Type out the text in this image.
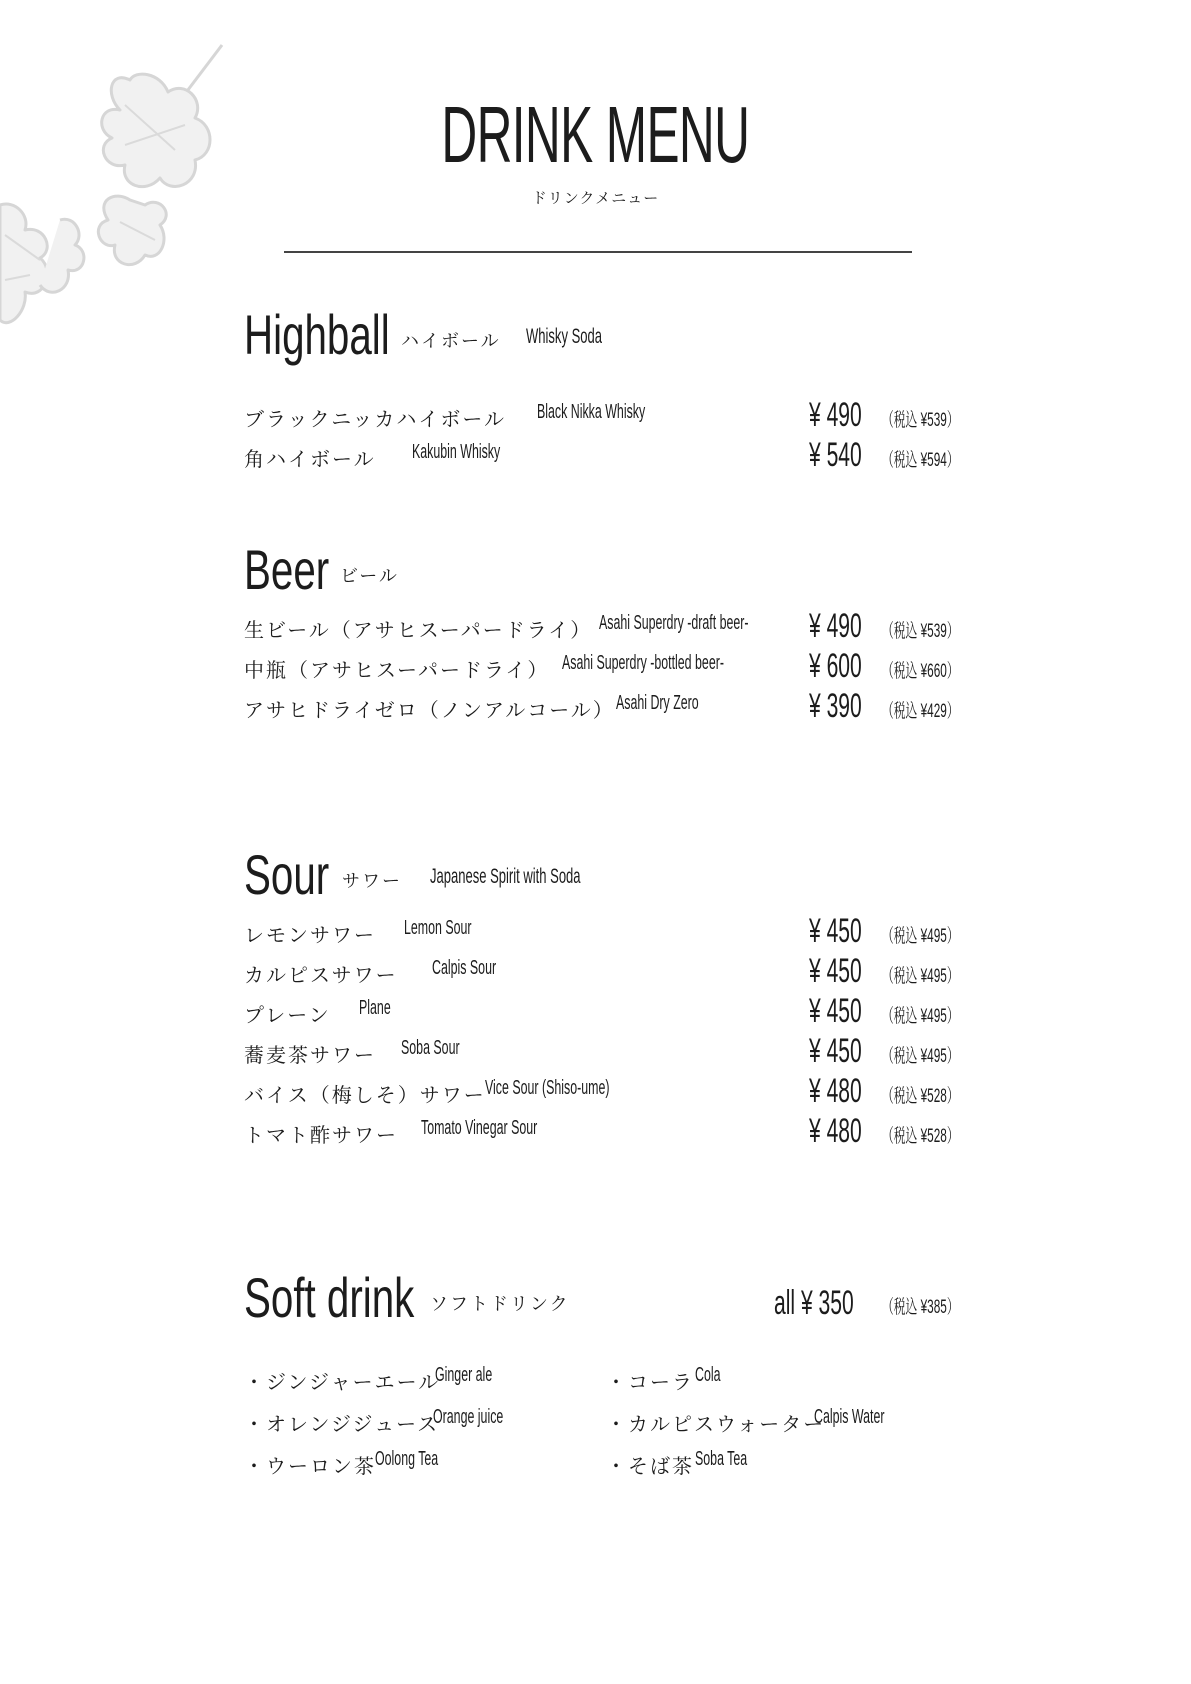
DRINK MENU
ドリンクメニュー
Highball ハイボール Whisky Soda
ブラックニッカハイボール Black Nikka Whisky	¥ 490 （税込 ¥539）
角ハイボール Kakubin Whisky	¥ 540 （税込 ¥594）
Beer ビール
生ビール（アサヒスーパードライ） Asahi Superdry -draft beer- ¥ 490 （税込 ¥539）
中瓶（アサヒスーパードライ） Asahi Superdry -bottled beer-	¥ 600 （税込 ¥660）
アサヒドライゼロ（ノンアルコール） Asahi Dry Zero	¥ 390 （税込 ¥429）
Sour サワー Japanese Spirit with Soda
レモンサワー Lemon Sour	¥ 450 （税込 ¥495）
カルピスサワー Calpis Sour	¥ 450 （税込 ¥495）
プレーン Plane	¥ 450 （税込 ¥495）
蕎麦茶サワー Soba Sour	¥ 450 （税込 ¥495）
バイス（梅しそ）サワー Vice Sour (Shiso-ume)	¥ 480 （税込 ¥528）
トマト酢サワー Tomato Vinegar Sour	¥ 480 （税込 ¥528）
Soft drink ソフトドリンク	all ¥ 350 （税込 ¥385）
・ジンジャーエール
Ginger ale
・オレンジジュース
Orange juice
・ウーロン茶 Oolong Tea
・コーラ Cola
・カルピスウォーター
Calpis Water
・そば茶 Soba Tea
